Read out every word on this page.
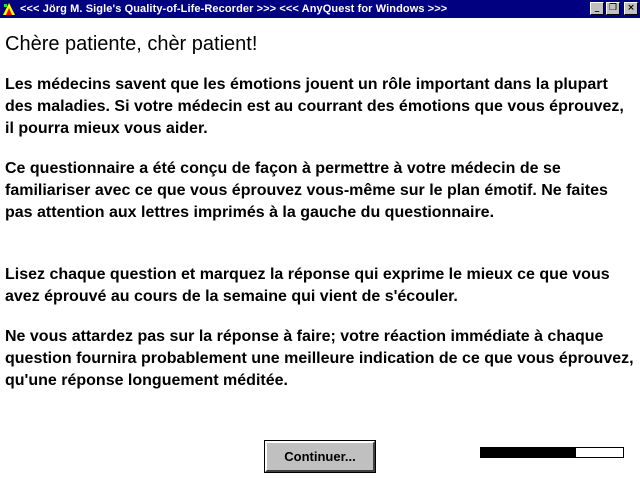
<<< Jörg M. Sigle's Quality-of-Life-Recorder >>> <<< AnyQuest for Windows >>>	_	❐	×
Chère patiente, chèr patient!

Les médecins savent que les émotions jouent un rôle important dans la plupart des maladies. Si votre médecin est au courrant des émotions que vous éprouvez, il pourra mieux vous aider.

Ce questionnaire a été conçu de façon à permettre à votre médecin de se familiariser avec ce que vous éprouvez vous-même sur le plan émotif. Ne faites pas attention aux lettres imprimés à la gauche du questionnaire.

Lisez chaque question et marquez la réponse qui exprime le mieux ce que vous avez éprouvé au cours de la semaine qui vient de s'écouler.

Ne vous attardez pas sur la réponse à faire; votre réaction immédiate à chaque question fournira probablement une meilleure indication de ce que vous éprouvez, qu'une réponse longuement méditée.

Continuer...
